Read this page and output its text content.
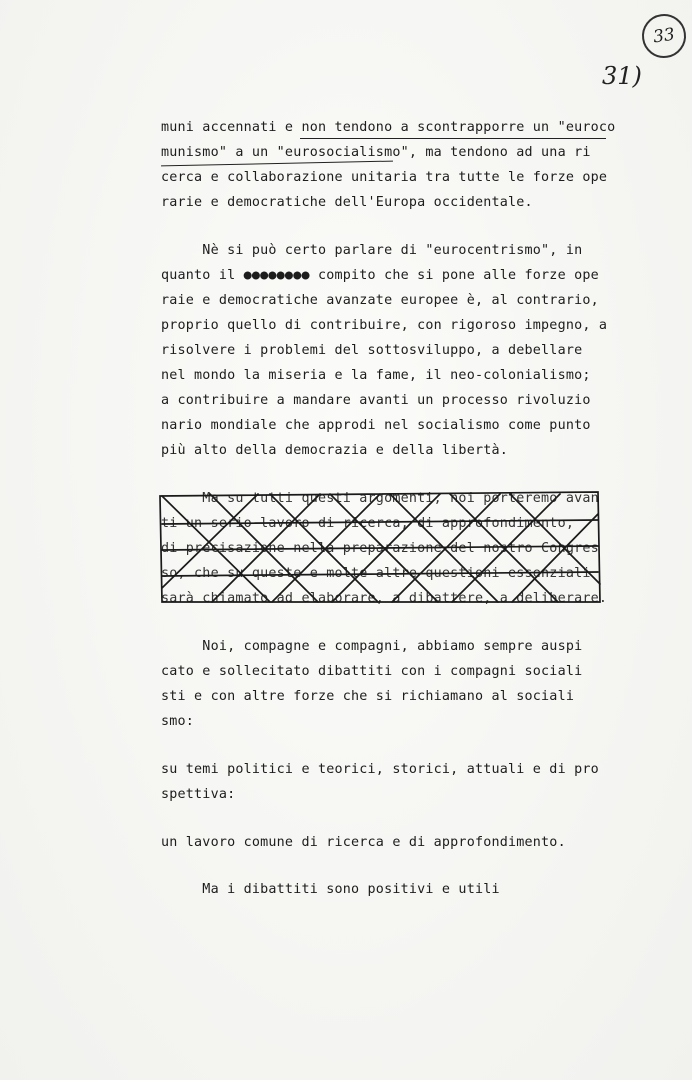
33
31)
muni accennati e non tendono a scontrapporre un "euroco
munismo" a un "eurosocialismo", ma tendono ad una ri
cerca e collaborazione unitaria tra tutte le forze ope
rarie e democratiche dell'Europa occidentale.
Nè si può certo parlare di "eurocentrismo", in
quanto il ●●●●●●●● compito che si pone alle forze ope
raie e democratiche avanzate europee è, al contrario,
proprio quello di contribuire, con rigoroso impegno, a
risolvere i problemi del sottosviluppo, a debellare
nel mondo la miseria e la fame, il neo-colonialismo;
a contribuire a mandare avanti un processo rivoluzio
nario mondiale che approdi nel socialismo come punto
più alto della democrazia e della libertà.
Ma su tutti questi argomenti, noi porteremo avan
ti un serio lavoro di ricerca, di approfondimento,
di precisazione nella preparazione del nostro Congres
so, che su queste e molte altre questioni essenziali
sarà chiamato ad elaborare, a dibattere, a deliberare.
Noi, compagne e compagni, abbiamo sempre auspi
cato e sollecitato dibattiti con i compagni sociali
sti e con altre forze che si richiamano al sociali
smo:
su temi politici e teorici, storici, attuali e di pro
spettiva:
un lavoro comune di ricerca e di approfondimento.
Ma i dibattiti sono positivi e utili
